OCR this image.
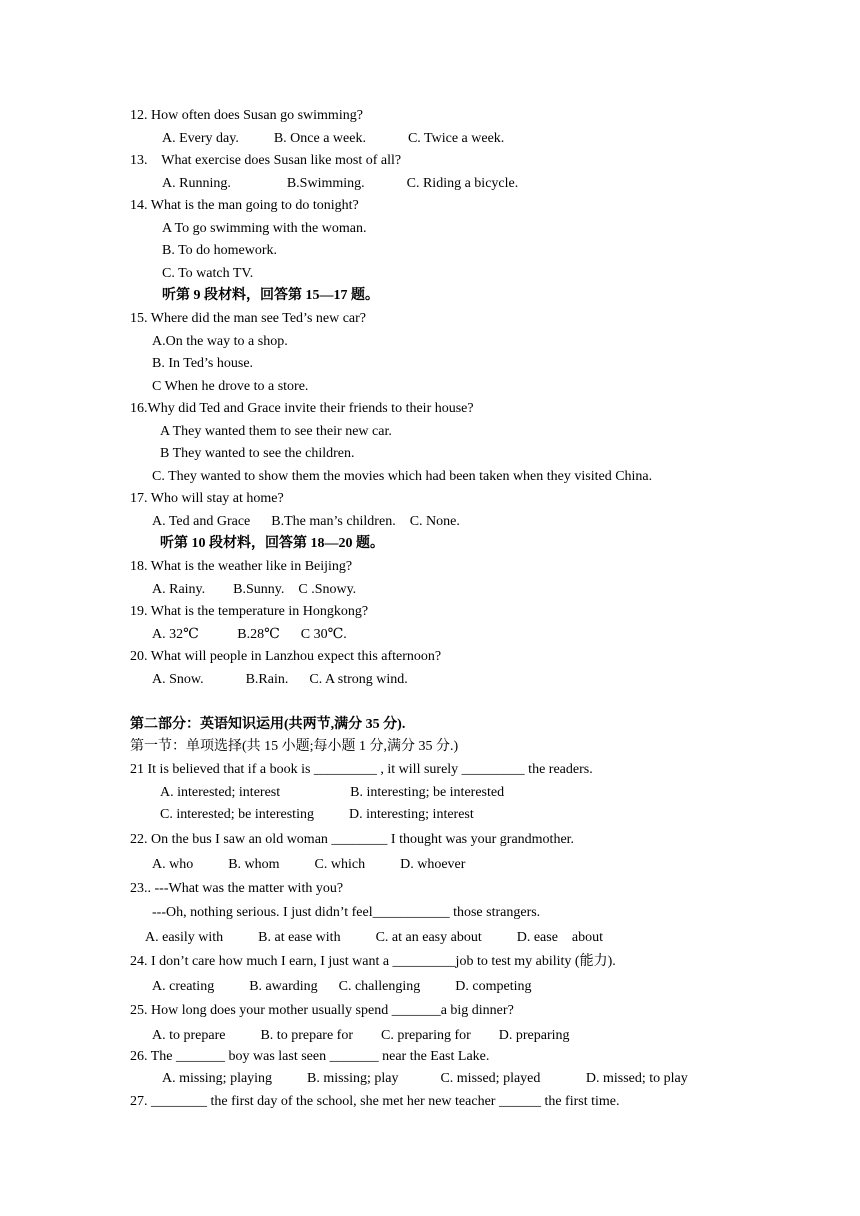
12. How often does Susan go swimming?
A. Every day.          B. Once a week.            C. Twice a week.
13.    What exercise does Susan like most of all?
A. Running.                B.Swimming.            C. Riding a bicycle.
14. What is the man going to do tonight?
A To go swimming with the woman.
B. To do homework.
C. To watch TV.
听第 9 段材料，回答第 15—17 题。
15. Where did the man see Ted’s new car?
A.On the way to a shop.
B. In Ted’s house.
C When he drove to a store.
16.Why did Ted and Grace invite their friends to their house?
A They wanted them to see their new car.
B They wanted to see the children.
C. They wanted to show them the movies which had been taken when they visited China.
17. Who will stay at home?
A. Ted and Grace      B.The man’s children.    C. None.
听第 10 段材料，回答第 18—20 题。
18. What is the weather like in Beijing?
A. Rainy.        B.Sunny.    C .Snowy.
19. What is the temperature in Hongkong?
A. 32℃           B.28℃      C 30℃.
20. What will people in Lanzhou expect this afternoon?
A. Snow.            B.Rain.      C. A strong wind.
第二部分：英语知识运用(共两节,满分 35 分).
第一节：单项选择(共 15 小题;每小题 1 分,满分 35 分.)
21 It is believed that if a book is _________ , it will surely _________ the readers.
A. interested; interest                    B. interesting; be interested
C. interested; be interesting          D. interesting; interest
22. On the bus I saw an old woman ________ I thought was your grandmother.
A. who          B. whom          C. which          D. whoever
23.. ---What was the matter with you?
---Oh, nothing serious. I just didn’t feel___________ those strangers.
A. easily with          B. at ease with          C. at an easy about          D. ease    about
24. I don’t care how much I earn, I just want a _________job to test my ability (能力).
A. creating          B. awarding      C. challenging          D. competing
25. How long does your mother usually spend _______a big dinner?
A. to prepare          B. to prepare for        C. preparing for        D. preparing
26. The _______ boy was last seen _______ near the East Lake.
A. missing; playing          B. missing; play            C. missed; played             D. missed; to play
27. ________ the first day of the school, she met her new teacher ______ the first time.
